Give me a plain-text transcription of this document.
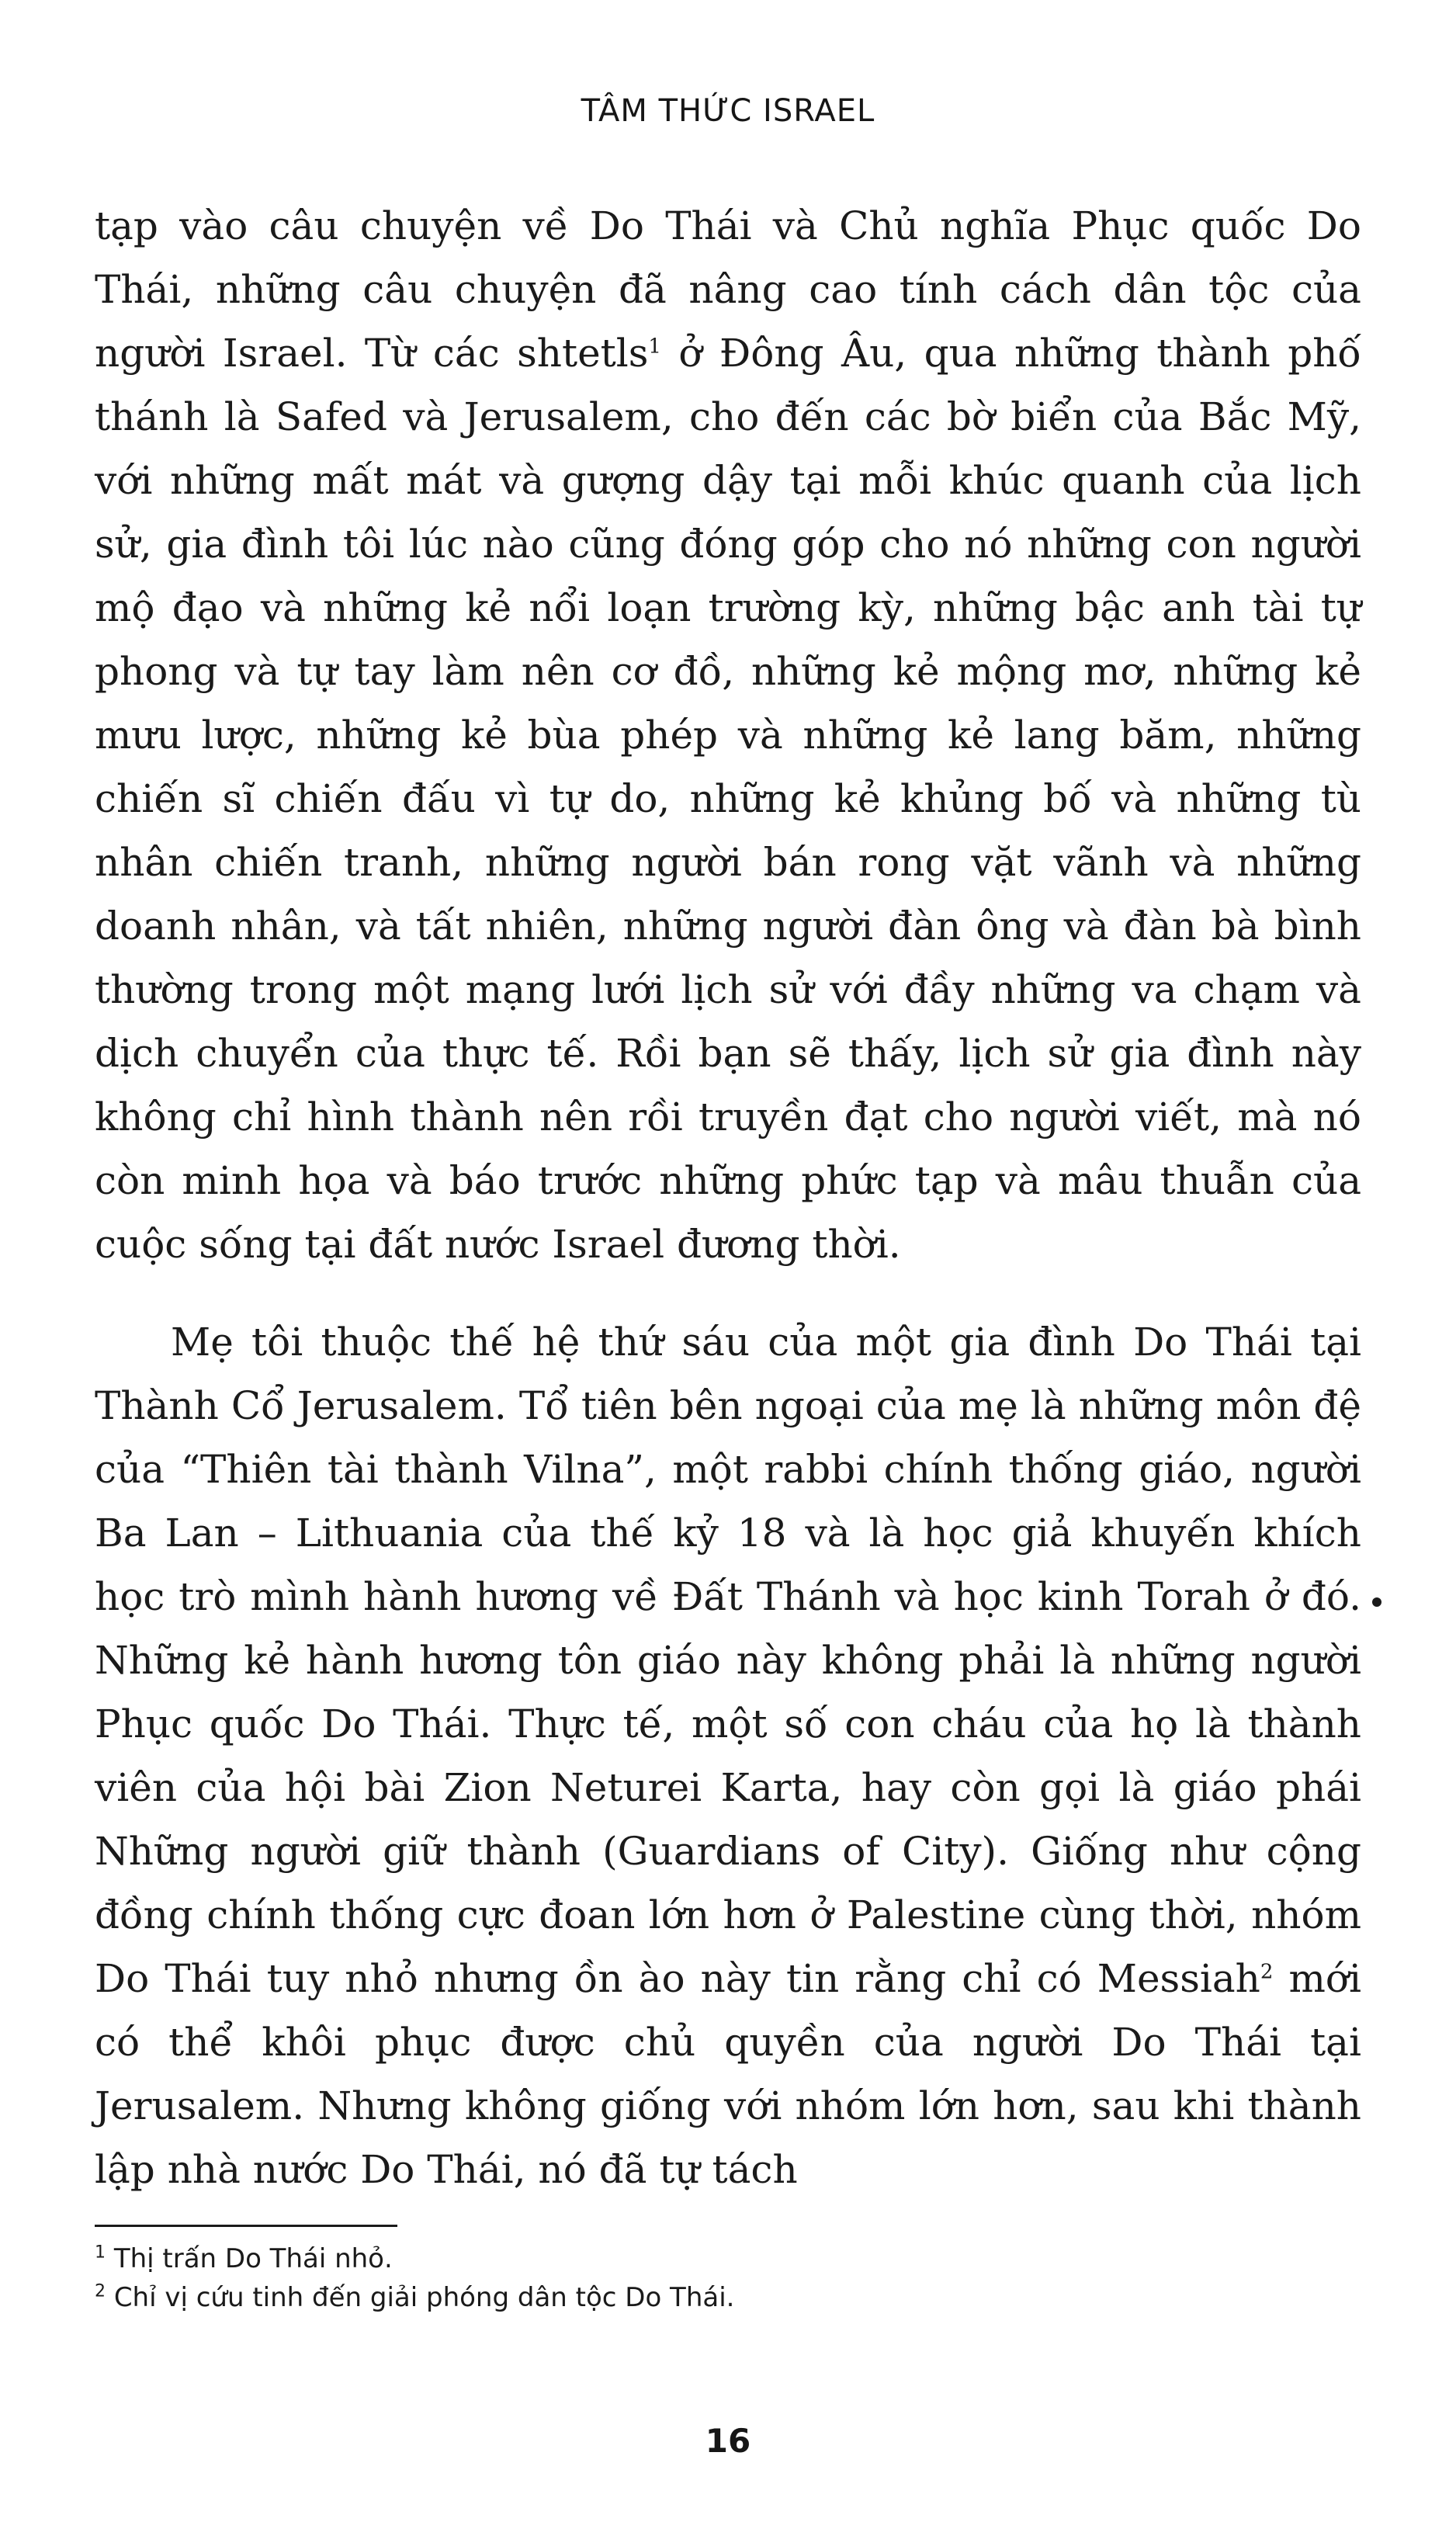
TÂM THỨC ISRAEL

tạp vào câu chuyện về Do Thái và Chủ nghĩa Phục quốc Do Thái, những câu chuyện đã nâng cao tính cách dân tộc của người Israel. Từ các shtetls$^1$ ở Đông Âu, qua những thành phố thánh là Safed và Jerusalem, cho đến các bờ biển của Bắc Mỹ, với những mất mát và gượng dậy tại mỗi khúc quanh của lịch sử, gia đình tôi lúc nào cũng đóng góp cho nó những con người mộ đạo và những kẻ nổi loạn trường kỳ, những bậc anh tài tự phong và tự tay làm nên cơ đồ, những kẻ mộng mơ, những kẻ mưu lược, những kẻ bùa phép và những kẻ lang băm, những chiến sĩ chiến đấu vì tự do, những kẻ khủng bố và những tù nhân chiến tranh, những người bán rong vặt vãnh và những doanh nhân, và tất nhiên, những người đàn ông và đàn bà bình thường trong một mạng lưới lịch sử với đầy những va chạm và dịch chuyển của thực tế. Rồi bạn sẽ thấy, lịch sử gia đình này không chỉ hình thành nên rồi truyền đạt cho người viết, mà nó còn minh họa và báo trước những phức tạp và mâu thuẫn của cuộc sống tại đất nước Israel đương thời.

Mẹ tôi thuộc thế hệ thứ sáu của một gia đình Do Thái tại Thành Cổ Jerusalem. Tổ tiên bên ngoại của mẹ là những môn đệ của “Thiên tài thành Vilna”, một rabbi chính thống giáo, người Ba Lan – Lithuania của thế kỷ 18 và là học giả khuyến khích học trò mình hành hương về Đất Thánh và học kinh Torah ở đó. Những kẻ hành hương tôn giáo này không phải là những người Phục quốc Do Thái. Thực tế, một số con cháu của họ là thành viên của hội bài Zion Neturei Karta, hay còn gọi là giáo phái Những người giữ thành (Guardians of City). Giống như cộng đồng chính thống cực đoan lớn hơn ở Palestine cùng thời, nhóm Do Thái tuy nhỏ nhưng ồn ào này tin rằng chỉ có Messiah$^2$ mới có thể khôi phục được chủ quyền của người Do Thái tại Jerusalem. Nhưng không giống với nhóm lớn hơn, sau khi thành lập nhà nước Do Thái, nó đã tự tách

$^1$ Thị trấn Do Thái nhỏ.

$^2$ Chỉ vị cứu tinh đến giải phóng dân tộc Do Thái.

16
